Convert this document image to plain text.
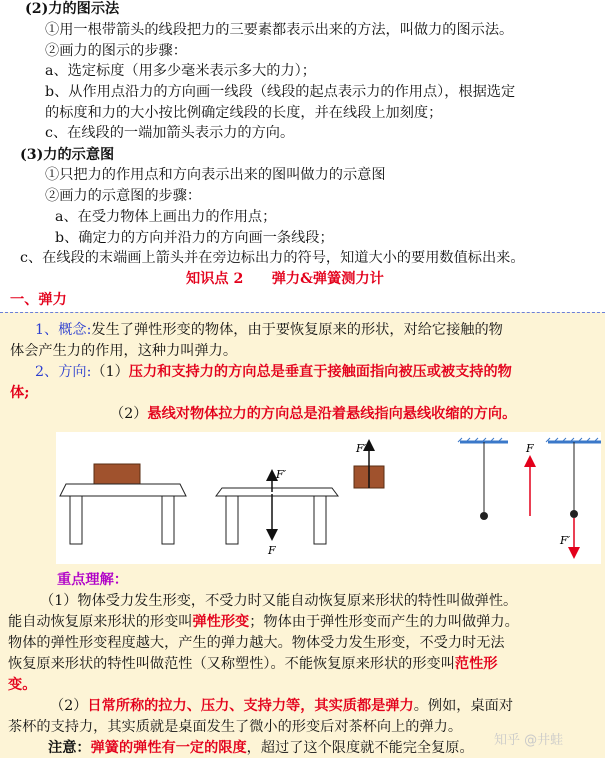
(2)力的图示法
①用一根带箭头的线段把力的三要素都表示出来的方法，叫做力的图示法。
②画力的图示的步骤：
a、选定标度（用多少毫米表示多大的力）；
b、从作用点沿力的方向画一线段（线段的起点表示力的作用点），根据选定
的标度和力的大小按比例确定线段的长度，并在线段上加刻度；
c、在线段的一端加箭头表示力的方向。
(3)力的示意图
①只把力的作用点和方向表示出来的图叫做力的示意图
②画力的示意图的步骤：
a、在受力物体上画出力的作用点；
b、确定力的方向并沿力的方向画一条线段；
c、在线段的末端画上箭头并在旁边标出力的符号，知道大小的要用数值标出来。
知识点 2　　弹力&弹簧测力计
一、弹力
1、概念:发生了弹性形变的物体，由于要恢复原来的形状，对给它接触的物
体会产生力的作用，这种力叫弹力。
2、方向:（1）压力和支持力的方向总是垂直于接触面指向被压或被支持的物
体;
（2）悬线对物体拉力的方向总是沿着悬线指向悬线收缩的方向。
F′
F
F′	F
F′
重点理解：
（1）物体受力发生形变，不受力时又能自动恢复原来形状的特性叫做弹性。
能自动恢复原来形状的形变叫弹性形变；物体由于弹性形变而产生的力叫做弹力。
物体的弹性形变程度越大，产生的弹力越大。物体受力发生形变，不受力时无法
恢复原来形状的特性叫做范性（又称塑性）。不能恢复原来形状的形变叫范性形
变。
（2）日常所称的拉力、压力、支持力等，其实质都是弹力。例如，桌面对
茶杯的支持力，其实质就是桌面发生了微小的形变后对茶杯向上的弹力。
注意：弹簧的弹性有一定的限度，超过了这个限度就不能完全复原。 知乎 @井蛙
